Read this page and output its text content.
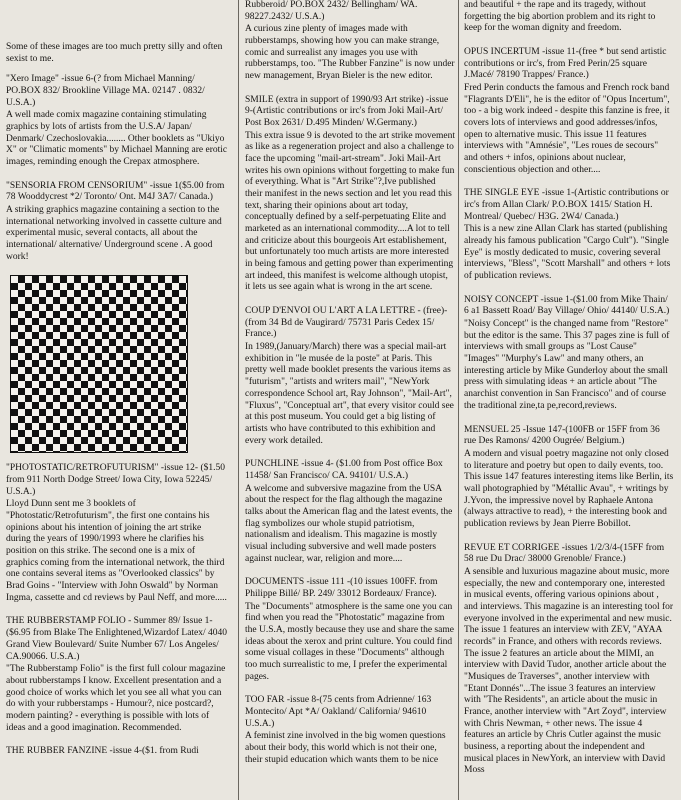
Some of these images are too much pretty silly and often sexist to me.

"Xero Image" -issue 6-(? from Michael Manning/ PO.BOX 832/ Brookline Village MA. 02147 . 0832/ U.S.A.)

A well made comix magazine containing stimulating graphics by lots of artists from the U.S.A/ Japan/ Denmark/ Czechoslovakia........ Other booklets as "Ukiyo X" or "Climatic moments" by Michael Manning are erotic images, reminding enough the Crepax atmosphere.

"SENSORIA FROM CENSORIUM" -issue 1($5.00 from 78 Wooddycrest *2/ Toronto/ Ont. M4J 3A7/ Canada.)

A striking graphics magazine containing a section to the international networking involved in cassette culture and experimental music, several contacts, all about the international/ alternative/ Underground scene . A good work!

"PHOTOSTATIC/RETROFUTURISM" -issue 12- ($1.50 from 911 North Dodge Street/ Iowa City, Iowa 52245/ U.S.A.)

Lloyd Dunn sent me 3 booklets of "Photostatic/Retrofuturism", the first one contains his opinions about his intention of joining the art strike during the years of 1990/1993 where he clarifies his position on this strike. The second one is a mix of graphics coming from the international network, the third one contains several items as "Overlooked classics" by Brad Goins - "Interview with John Oswald" by Norman Ingma, cassette and cd reviews by Paul Neff, and more.....

THE RUBBERSTAMP FOLIO - Summer 89/ Issue 1- ($6.95 from Blake The Enlightened,Wizardof Latex/ 4040 Grand View Boulevard/ Suite Number 67/ Los Angeles/ CA.90066. U.S.A.)

"The Rubberstamp Folio" is the first full colour magazine about rubberstamps I know. Excellent presentation and a good choice of works which let you see all what you can do with your rubberstamps - Humour?, nice postcard?, modern painting? - everything is possible with lots of ideas and a good imagination. Recommended.

THE RUBBER FANZINE -issue 4-($1. from Rudi

Rubberoid/ PO.BOX 2432/ Bellingham/ WA. 98227.2432/ U.S.A.)

A curious zine plenty of images made with rubberstamps, showing how you can make strange, comic and surrealist any images you use with rubberstamps, too. "The Rubber Fanzine" is now under new management, Bryan Bieler is the new editor.

SMILE (extra in support of 1990/93 Art strike) -issue 9-(Artistic contributions or irc's from Joki Mail-Art/ Post Box 2631/ D.495 Minden/ W.Germany.)

This extra issue 9 is devoted to the art strike movement as like as a regeneration project and also a challenge to face the upcoming "mail-art-stream". Joki Mail-Art writes his own opinions without forgetting to make fun of everything. What is "Art Strike"?,Ive published their manifest in the news section and let you read this text, sharing their opinions about art today, conceptually defined by a self-perpetuating Elite and marketed as an international commodity....A lot to tell and criticize about this bourgeois Art establishement, but unfortunately too much artists are more interested in being famous and getting power than experimenting art indeed, this manifest is welcome although utopist, it lets us see again what is wrong in the art scene.

COUP D'ENVOI OU L'ART A LA LETTRE - (free)-(from 34 Bd de Vaugirard/ 75731 Paris Cedex 15/ France.)

In 1989,(January/March) there was a special mail-art exhibition in "le musée de la poste" at Paris. This pretty well made booklet presents the various items as "futurism", "artists and writers mail", "NewYork correspondence School art, Ray Johnson", "Mail-Art", "Fluxus", "Conceptual art", that every visitor could see at this post museum. You could get a big listing of artists who have contributed to this exhibition and every work detailed.

PUNCHLINE -issue 4- ($1.00 from Post office Box 11458/ San Francisco/ CA. 94101/ U.S.A.)

A welcome and subversive magazine from the USA about the respect for the flag although the magazine talks about the American flag and the latest events, the flag symbolizes our whole stupid patriotism, nationalism and idealism. This magazine is mostly visual including subversive and well made posters against nuclear, war, religion and more....

DOCUMENTS -issue 111 -(10 issues 100FF. from Philippe Billé/ BP. 249/ 33012 Bordeaux/ France).

The "Documents" atmosphere is the same one you can find when you read the "Photostatic" magazine from the U.S.A, mostly because they use and share the same ideas about the xerox and print culture. You could find some visual collages in these "Documents" although too much surrealistic to me, I prefer the experimental pages.

TOO FAR -issue 8-(75 cents from Adrienne/ 163 Montecito/ Apt *A/ Oakland/ California/ 94610 U.S.A.)

A feminist zine involved in the big women questions about their body, this world which is not their one, their stupid education which wants them to be nice

and beautiful + the rape and its tragedy, without forgetting the big abortion problem and its right to keep for the woman dignity and freedom.

OPUS INCERTUM -issue 11-(free * but send artistic contributions or irc's, from Fred Perin/25 square J.Macé/ 78190 Trappes/ France.)

Fred Perin conducts the famous and French rock band "Flagrants D'Eli", he is the editor of "Opus Incertum", too - a big work indeed - despite this fanzine is free, it covers lots of interviews and good addresses/infos, open to alternative music. This issue 11 features interviews with "Amnésie", "Les roues de secours" and others + infos, opinions about nuclear, conscientious objection and other....

THE SINGLE EYE -issue 1-(Artistic contributions or irc's from Allan Clark/ P.O.BOX 1415/ Station H. Montreal/ Quebec/ H3G. 2W4/ Canada.)

This is a new zine Allan Clark has started (publishing already his famous publication "Cargo Cult"). "Single Eye" is mostly dedicated to music, covering several interviews, "Bless", "Scott Marshall" and others + lots of publication reviews.

NOISY CONCEPT -issue 1-($1.00 from Mike Thain/ 6 a1 Bassett Road/ Bay Village/ Ohio/ 44140/ U.S.A.)

"Noisy Concept" is the changed name from "Restore" but the editor is the same. This 37 pages zine is full of interviews with small groups as "Lost Cause" "Images" "Murphy's Law" and many others, an interesting article by Mike Gunderloy about the small press with simulating ideas + an article about "The anarchist convention in San Francisco" and of course the traditional zine,ta pe,record,reviews.

MENSUEL 25 -Issue 147-(100FB or 15FF from 36 rue Des Ramons/ 4200 Ougrée/ Belgium.)

A modern and visual poetry magazine not only closed to literature and poetry but open to daily events, too. This issue 147 features interesting items like Berlin, its wall photographied by "Métallic Avau", + writings by J.Yvon, the impressive novel by Raphaele Antona (always attractive to read), + the interesting book and publication reviews by Jean Pierre Bobillot.

REVUE ET CORRIGEE -issues 1/2/3/4-(15FF from 58 rue Du Drac/ 38000 Grenoble/ France.)

A sensible and luxurious magazine about music, more especially, the new and contemporary one, interested in musical events, offering various opinions about , and interviews. This magazine is an interesting tool for everyone involved in the experimental and new music. The issue 1 features an interview with ZEV, "AYAA records" in France, and others with records reviews. The issue 2 features an article about the MIMI, an interview with David Tudor, another article about the "Musiques de Traverses", another interview with "Etant Donnés"...The issue 3 features an interview with "The Residents", an article about the music in France, another interview with "Art Zoyd", interview with Chris Newman, + other news. The issue 4 features an article by Chris Cutler against the music business, a reporting about the independent and musical places in NewYork, an interview with David Moss
